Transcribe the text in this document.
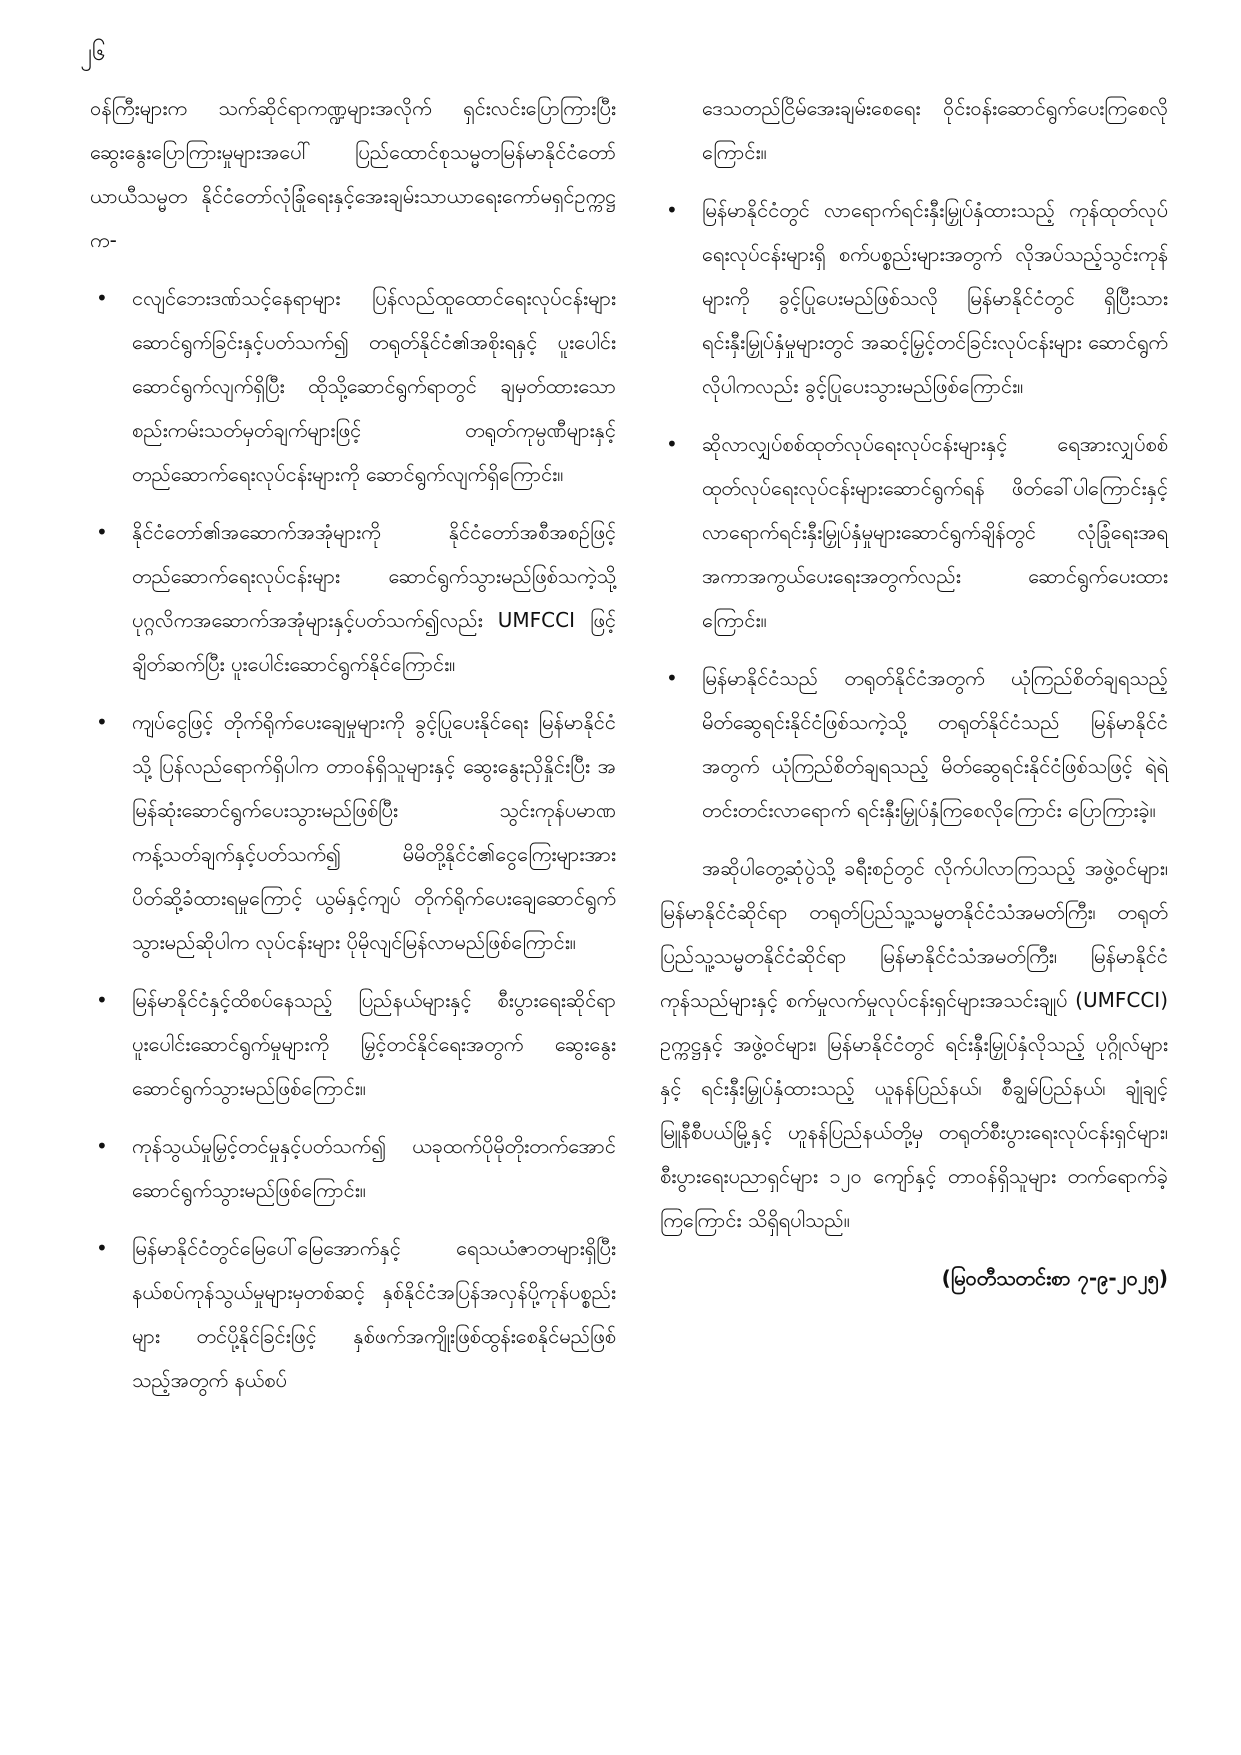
၂၆

ဝန်ကြီးများက သက်ဆိုင်ရာကဏ္ဍများအလိုက် ရှင်းလင်းပြောကြားပြီး ဆွေးနွေးပြောကြားမှုများအပေါ် ပြည်ထောင်စုသမ္မတမြန်မာနိုင်ငံတော် ယာယီသမ္မတ နိုင်ငံတော်လုံခြုံရေးနှင့်အေးချမ်းသာယာရေးကော်မရှင်ဥက္ကဋ္ဌက-

• ငလျင်ဘေးဒဏ်သင့်နေရာများ ပြန်လည်ထူထောင်ရေးလုပ်ငန်းများ ဆောင်ရွက်ခြင်းနှင့်ပတ်သက်၍ တရုတ်နိုင်ငံ၏အစိုးရနှင့် ပူးပေါင်းဆောင်ရွက်လျက်ရှိပြီး ထိုသို့ဆောင်ရွက်ရာတွင် ချမှတ်ထားသော စည်းကမ်းသတ်မှတ်ချက်များဖြင့် တရုတ်ကုမ္ပဏီများနှင့် တည်ဆောက်ရေးလုပ်ငန်းများကို ဆောင်ရွက်လျက်ရှိကြောင်း။
• နိုင်ငံတော်၏အဆောက်အအုံများကို နိုင်ငံတော်အစီအစဉ်ဖြင့် တည်ဆောက်ရေးလုပ်ငန်းများ ဆောင်ရွက်သွားမည်ဖြစ်သကဲ့သို့ ပုဂ္ဂလိကအဆောက်အအုံများနှင့်ပတ်သက်၍လည်း UMFCCI ဖြင့်ချိတ်ဆက်ပြီး ပူးပေါင်းဆောင်ရွက်နိုင်ကြောင်း။
• ကျပ်ငွေဖြင့် တိုက်ရိုက်ပေးချေမှုများကို ခွင့်ပြုပေးနိုင်ရေး မြန်မာနိုင်ငံသို့ ပြန်လည်ရောက်ရှိပါက တာဝန်ရှိသူများနှင့် ဆွေးနွေးညှိနှိုင်းပြီး အမြန်ဆုံးဆောင်ရွက်ပေးသွားမည်ဖြစ်ပြီး သွင်းကုန်ပမာဏကန့်သတ်ချက်နှင့်ပတ်သက်၍ မိမိတို့နိုင်ငံ၏ငွေကြေးများအား ပိတ်ဆို့ခံထားရမှုကြောင့် ယွမ်နှင့်ကျပ် တိုက်ရိုက်ပေးချေဆောင်ရွက်သွားမည်ဆိုပါက လုပ်ငန်းများ ပိုမိုလျင်မြန်လာမည်ဖြစ်ကြောင်း။
• မြန်မာနိုင်ငံနှင့်ထိစပ်နေသည့် ပြည်နယ်များနှင့် စီးပွားရေးဆိုင်ရာ ပူးပေါင်းဆောင်ရွက်မှုများကို မြှင့်တင်နိုင်ရေးအတွက် ဆွေးနွေးဆောင်ရွက်သွားမည်ဖြစ်ကြောင်း။
• ကုန်သွယ်မှုမြှင့်တင်မှုနှင့်ပတ်သက်၍ ယခုထက်ပိုမိုတိုးတက်အောင် ဆောင်ရွက်သွားမည်ဖြစ်ကြောင်း။
• မြန်မာနိုင်ငံတွင်မြေပေါ်မြေအောက်နှင့် ရေသယံဇာတများရှိပြီး နယ်စပ်ကုန်သွယ်မှုများမှတစ်ဆင့် နှစ်နိုင်ငံအပြန်အလှန်ပို့ကုန်ပစ္စည်းများ တင်ပို့နိုင်ခြင်းဖြင့် နှစ်ဖက်အကျိုးဖြစ်ထွန်းစေနိုင်မည်ဖြစ်သည့်အတွက် နယ်စပ်

ဒေသတည်ငြိမ်အေးချမ်းစေရေး ဝိုင်းဝန်းဆောင်ရွက်ပေးကြစေလိုကြောင်း။

• မြန်မာနိုင်ငံတွင် လာရောက်ရင်းနှီးမြှုပ်နှံထားသည့် ကုန်ထုတ်လုပ်ရေးလုပ်ငန်းများရှိ စက်ပစ္စည်းများအတွက် လိုအပ်သည့်သွင်းကုန်များကို ခွင့်ပြုပေးမည်ဖြစ်သလို မြန်မာနိုင်ငံတွင် ရှိပြီးသား ရင်းနှီးမြှုပ်နှံမှုများတွင် အဆင့်မြှင့်တင်ခြင်းလုပ်ငန်းများ ဆောင်ရွက်လိုပါကလည်း ခွင့်ပြုပေးသွားမည်ဖြစ်ကြောင်း။
• ဆိုလာလျှပ်စစ်ထုတ်လုပ်ရေးလုပ်ငန်းများနှင့် ရေအားလျှပ်စစ်ထုတ်လုပ်ရေးလုပ်ငန်းများဆောင်ရွက်ရန် ဖိတ်ခေါ်ပါကြောင်းနှင့် လာရောက်ရင်းနှီးမြှုပ်နှံမှုများဆောင်ရွက်ချိန်တွင် လုံခြုံရေးအရ အကာအကွယ်ပေးရေးအတွက်လည်း ဆောင်ရွက်ပေးထားကြောင်း။
• မြန်မာနိုင်ငံသည် တရုတ်နိုင်ငံအတွက် ယုံကြည်စိတ်ချရသည့် မိတ်ဆွေရင်းနိုင်ငံဖြစ်သကဲ့သို့ တရုတ်နိုင်ငံသည် မြန်မာနိုင်ငံအတွက် ယုံကြည်စိတ်ချရသည့် မိတ်ဆွေရင်းနိုင်ငံဖြစ်သဖြင့် ရဲရဲတင်းတင်းလာရောက် ရင်းနှီးမြှုပ်နှံကြစေလိုကြောင်း ပြောကြားခဲ့။

အဆိုပါတွေ့ဆုံပွဲသို့ ခရီးစဉ်တွင် လိုက်ပါလာကြသည့် အဖွဲ့ဝင်များ၊ မြန်မာနိုင်ငံဆိုင်ရာ တရုတ်ပြည်သူ့သမ္မတနိုင်ငံသံအမတ်ကြီး၊ တရုတ်ပြည်သူ့သမ္မတနိုင်ငံဆိုင်ရာ မြန်မာနိုင်ငံသံအမတ်ကြီး၊ မြန်မာနိုင်ငံကုန်သည်များနှင့် စက်မှုလက်မှုလုပ်ငန်းရှင်များအသင်းချုပ် (UMFCCI) ဥက္ကဋ္ဌနှင့် အဖွဲ့ဝင်များ၊ မြန်မာနိုင်ငံတွင် ရင်းနှီးမြှုပ်နှံလိုသည့် ပုဂ္ဂိုလ်များနှင့် ရင်းနှီးမြှုပ်နှံထားသည့် ယူနန်ပြည်နယ်၊ စီချွမ်ပြည်နယ်၊ ချုံချင့်မြူနီစီပယ်မြို့နှင့် ဟူနန်ပြည်နယ်တို့မှ တရုတ်စီးပွားရေးလုပ်ငန်းရှင်များ၊ စီးပွားရေးပညာရှင်များ ၁၂၀ ကျော်နှင့် တာဝန်ရှိသူများ တက်ရောက်ခဲ့ကြကြောင်း သိရှိရပါသည်။

(မြဝတီသတင်းစာ ၇-၉-၂၀၂၅)
